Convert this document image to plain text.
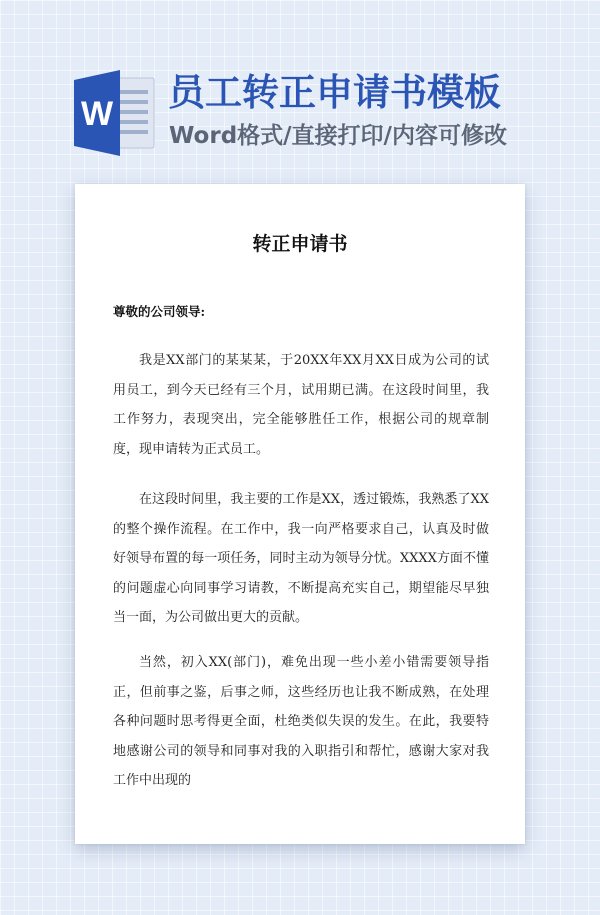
W 员工转正申请书模板
Word格式/直接打印/内容可修改
转正申请书
尊敬的公司领导:

我是XX部门的某某某，于20XX年XX月XX日成为公司的试用员工，到今天已经有三个月，试用期已满。在这段时间里，我工作努力，表现突出，完全能够胜任工作，根据公司的规章制度，现申请转为正式员工。

在这段时间里，我主要的工作是XX，透过锻炼，我熟悉了XX的整个操作流程。在工作中，我一向严格要求自己，认真及时做好领导布置的每一项任务，同时主动为领导分忧。XXXX方面不懂的问题虚心向同事学习请教，不断提高充实自己，期望能尽早独当一面，为公司做出更大的贡献。

当然，初入XX(部门)，难免出现一些小差小错需要领导指正，但前事之鉴，后事之师，这些经历也让我不断成熟，在处理各种问题时思考得更全面，杜绝类似失误的发生。在此，我要特地感谢公司的领导和同事对我的入职指引和帮忙，感谢大家对我工作中出现的
